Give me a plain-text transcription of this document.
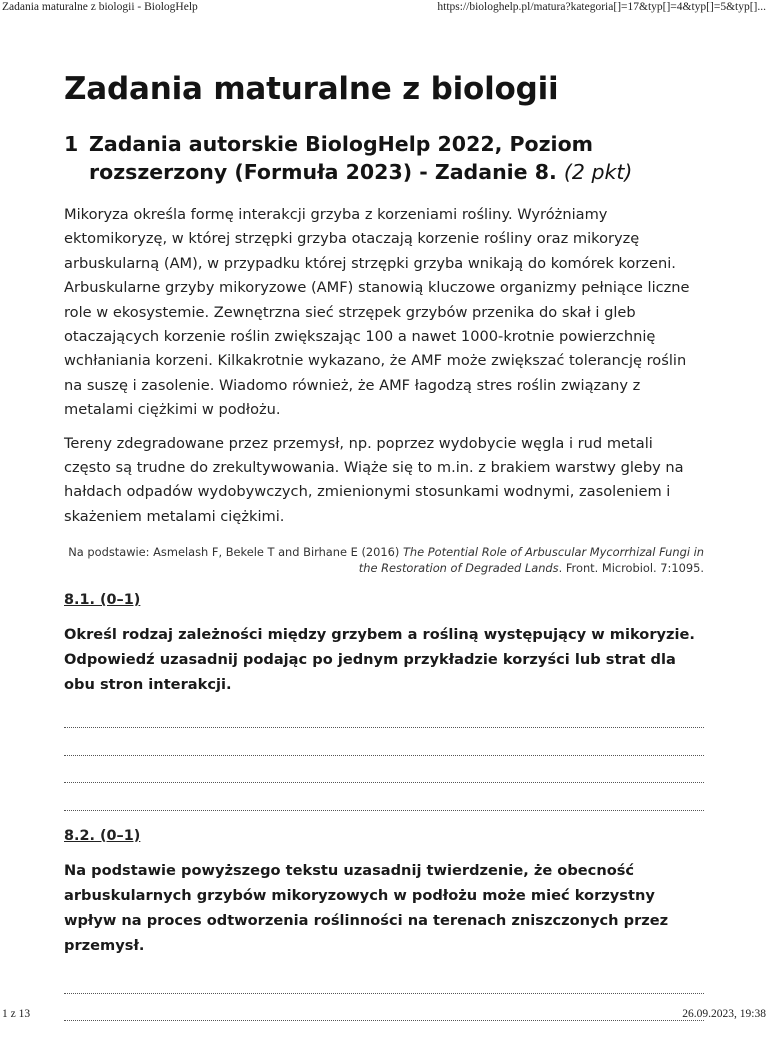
Zadania maturalne z biologii - BiologHelp	https://biologhelp.pl/matura?kategoria[]=17&typ[]=4&typ[]=5&typ[]...
Zadania maturalne z biologii
1 Zadania autorskie BiologHelp 2022, Poziom rozszerzony (Formuła 2023) - Zadanie 8. (2 pkt)

Mikoryza określa formę interakcji grzyba z korzeniami rośliny. Wyróżniamy ektomikoryzę, w której strzępki grzyba otaczają korzenie rośliny oraz mikoryzę arbuskularną (AM), w przypadku której strzępki grzyba wnikają do komórek korzeni. Arbuskularne grzyby mikoryzowe (AMF) stanowią kluczowe organizmy pełniące liczne role w ekosystemie. Zewnętrzna sieć strzępek grzybów przenika do skał i gleb otaczających korzenie roślin zwiększając 100 a nawet 1000-krotnie powierzchnię wchłaniania korzeni. Kilkakrotnie wykazano, że AMF może zwiększać tolerancję roślin na suszę i zasolenie. Wiadomo również, że AMF łagodzą stres roślin związany z metalami ciężkimi w podłożu.

Tereny zdegradowane przez przemysł, np. poprzez wydobycie węgla i rud metali często są trudne do zrekultywowania. Wiąże się to m.in. z brakiem warstwy gleby na hałdach odpadów wydobywczych, zmienionymi stosunkami wodnymi, zasoleniem i skażeniem metalami ciężkimi.

Na podstawie: Asmelash F, Bekele T and Birhane E (2016) The Potential Role of Arbuscular Mycorrhizal Fungi in the Restoration of Degraded Lands. Front. Microbiol. 7:1095.
8.1. (0–1)
Określ rodzaj zależności między grzybem a rośliną występujący w mikoryzie. Odpowiedź uzasadnij podając po jednym przykładzie korzyści lub strat dla obu stron interakcji.
8.2. (0–1)
Na podstawie powyższego tekstu uzasadnij twierdzenie, że obecność arbuskularnych grzybów mikoryzowych w podłożu może mieć korzystny wpływ na proces odtworzenia roślinności na terenach zniszczonych przez przemysł.
1 z 13	26.09.2023, 19:38
